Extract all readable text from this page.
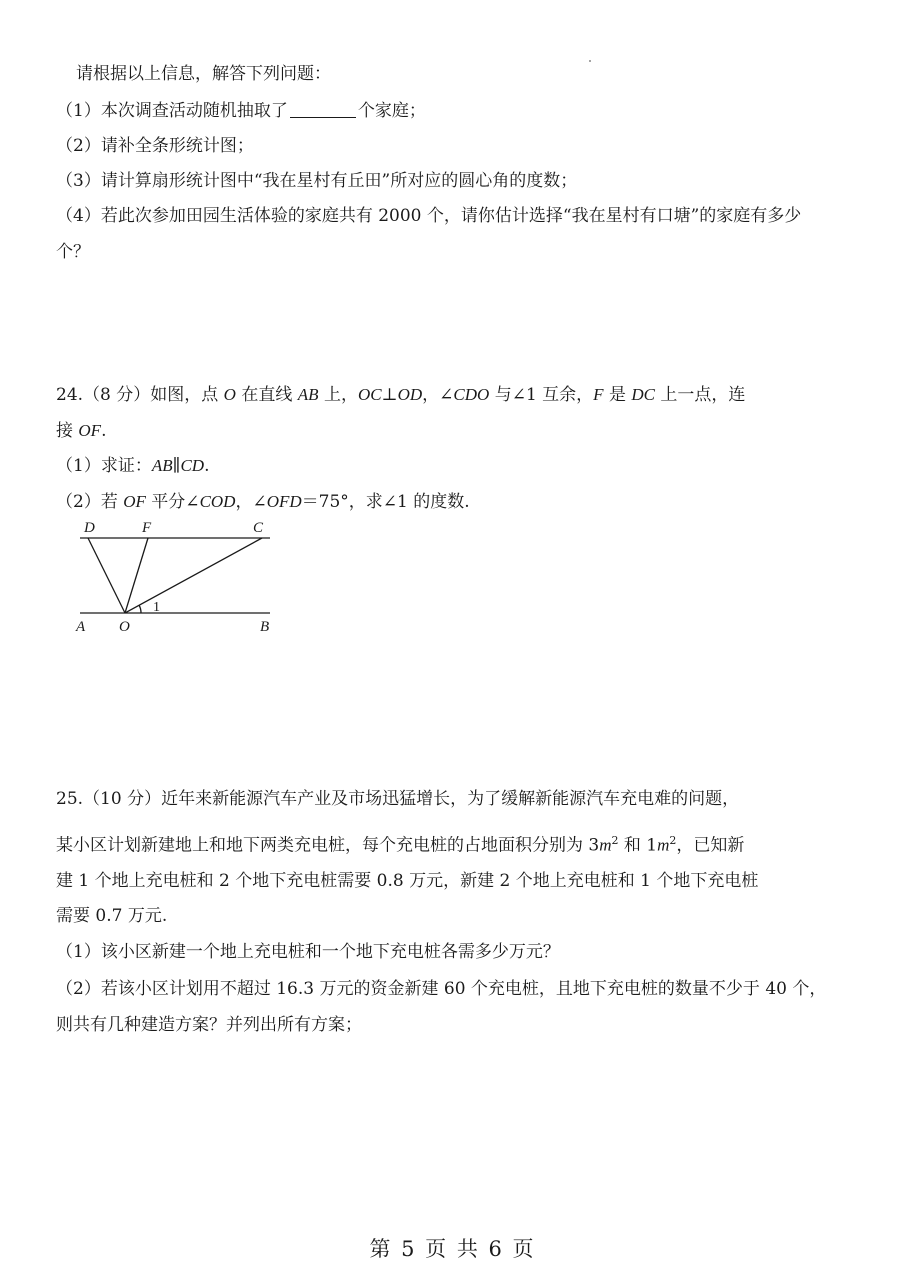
请根据以上信息，解答下列问题：
（1）本次调查活动随机抽取了	个家庭；
（2）请补全条形统计图；
（3）请计算扇形统计图中“我在星村有丘田”所对应的圆心角的度数；
（4）若此次参加田园生活体验的家庭共有 2000 个，请你估计选择“我在星村有口塘”的家庭有多少
个？
24.（8 分）如图，点 O 在直线 AB 上，OC⊥OD，∠CDO 与∠1 互余，F 是 DC 上一点，连
接 OF.
（1）求证：AB∥CD.
（2）若 OF 平分∠COD，∠OFD＝75°，求∠1 的度数.
D	F	C
A O	B
1
25.（10 分）近年来新能源汽车产业及市场迅猛增长，为了缓解新能源汽车充电难的问题，
某小区计划新建地上和地下两类充电桩，每个充电桩的占地面积分别为 $3m^2$ 和 $1m^2$，已知新
建 1 个地上充电桩和 2 个地下充电桩需要 0.8 万元，新建 2 个地上充电桩和 1 个地下充电桩
需要 0.7 万元.
（1）该小区新建一个地上充电桩和一个地下充电桩各需多少万元？
（2）若该小区计划用不超过 16.3 万元的资金新建 60 个充电桩，且地下充电桩的数量不少于 40 个，
则共有几种建造方案？并列出所有方案；
第 5 页 共 6 页
